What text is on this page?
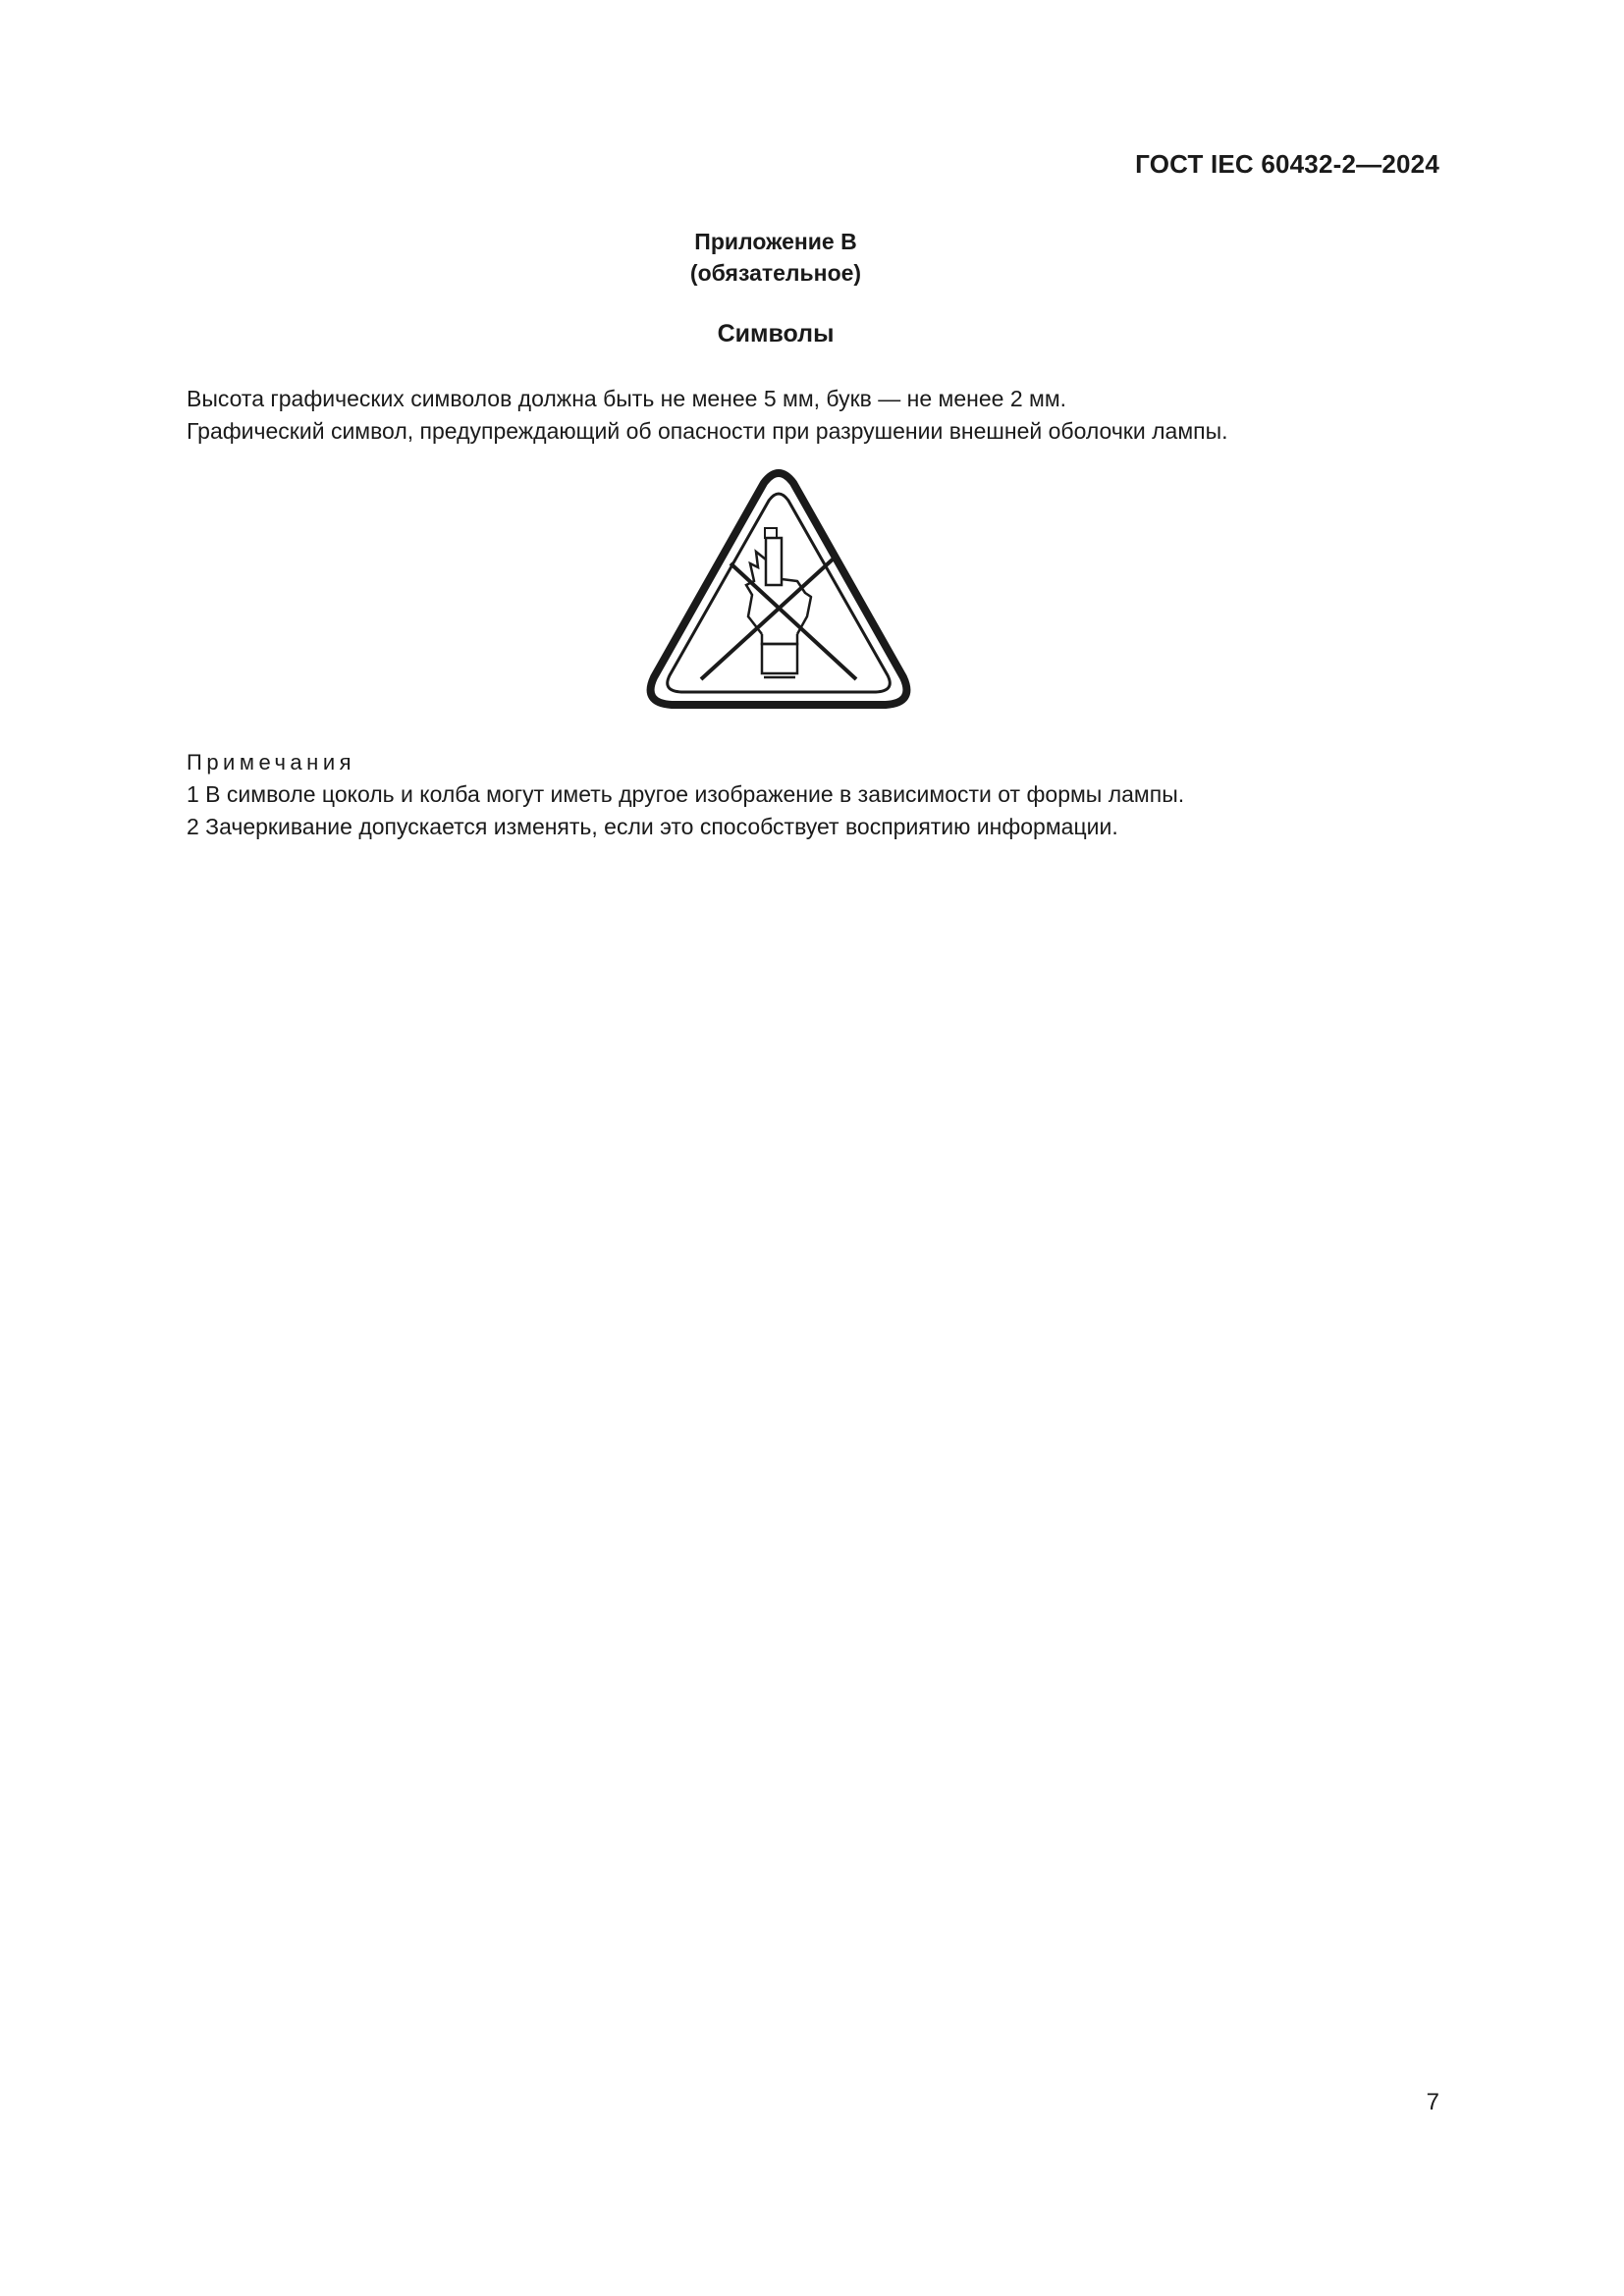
ГОСТ IEC 60432-2—2024
Приложение В
(обязательное)
Символы

Высота графических символов должна быть не менее 5 мм, букв — не менее 2 мм.

Графический символ, предупреждающий об опасности при разрушении внешней оболочки лампы.

Примечания

1 В символе цоколь и колба могут иметь другое изображение в зависимости от формы лампы.

2 Зачеркивание допускается изменять, если это способствует восприятию информации.

7
